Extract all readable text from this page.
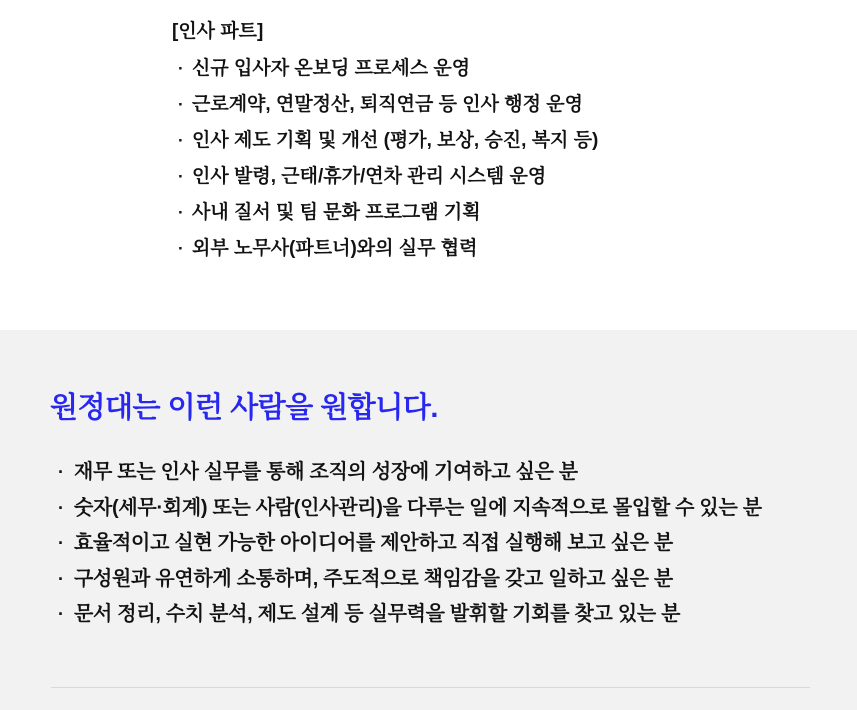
[인사 파트]
· 신규 입사자 온보딩 프로세스 운영
· 근로계약, 연말정산, 퇴직연금 등 인사 행정 운영
· 인사 제도 기획 및 개선 (평가, 보상, 승진, 복지 등)
· 인사 발령, 근태/휴가/연차 관리 시스템 운영
· 사내 질서 및 팀 문화 프로그램 기획
· 외부 노무사(파트너)와의 실무 협력
원정대는 이런 사람을 원합니다.
· 재무 또는 인사 실무를 통해 조직의 성장에 기여하고 싶은 분
· 숫자(세무·회계) 또는 사람(인사관리)을 다루는 일에 지속적으로 몰입할 수 있는 분
· 효율적이고 실현 가능한 아이디어를 제안하고 직접 실행해 보고 싶은 분
· 구성원과 유연하게 소통하며, 주도적으로 책임감을 갖고 일하고 싶은 분
· 문서 정리, 수치 분석, 제도 설계 등 실무력을 발휘할 기회를 찾고 있는 분
